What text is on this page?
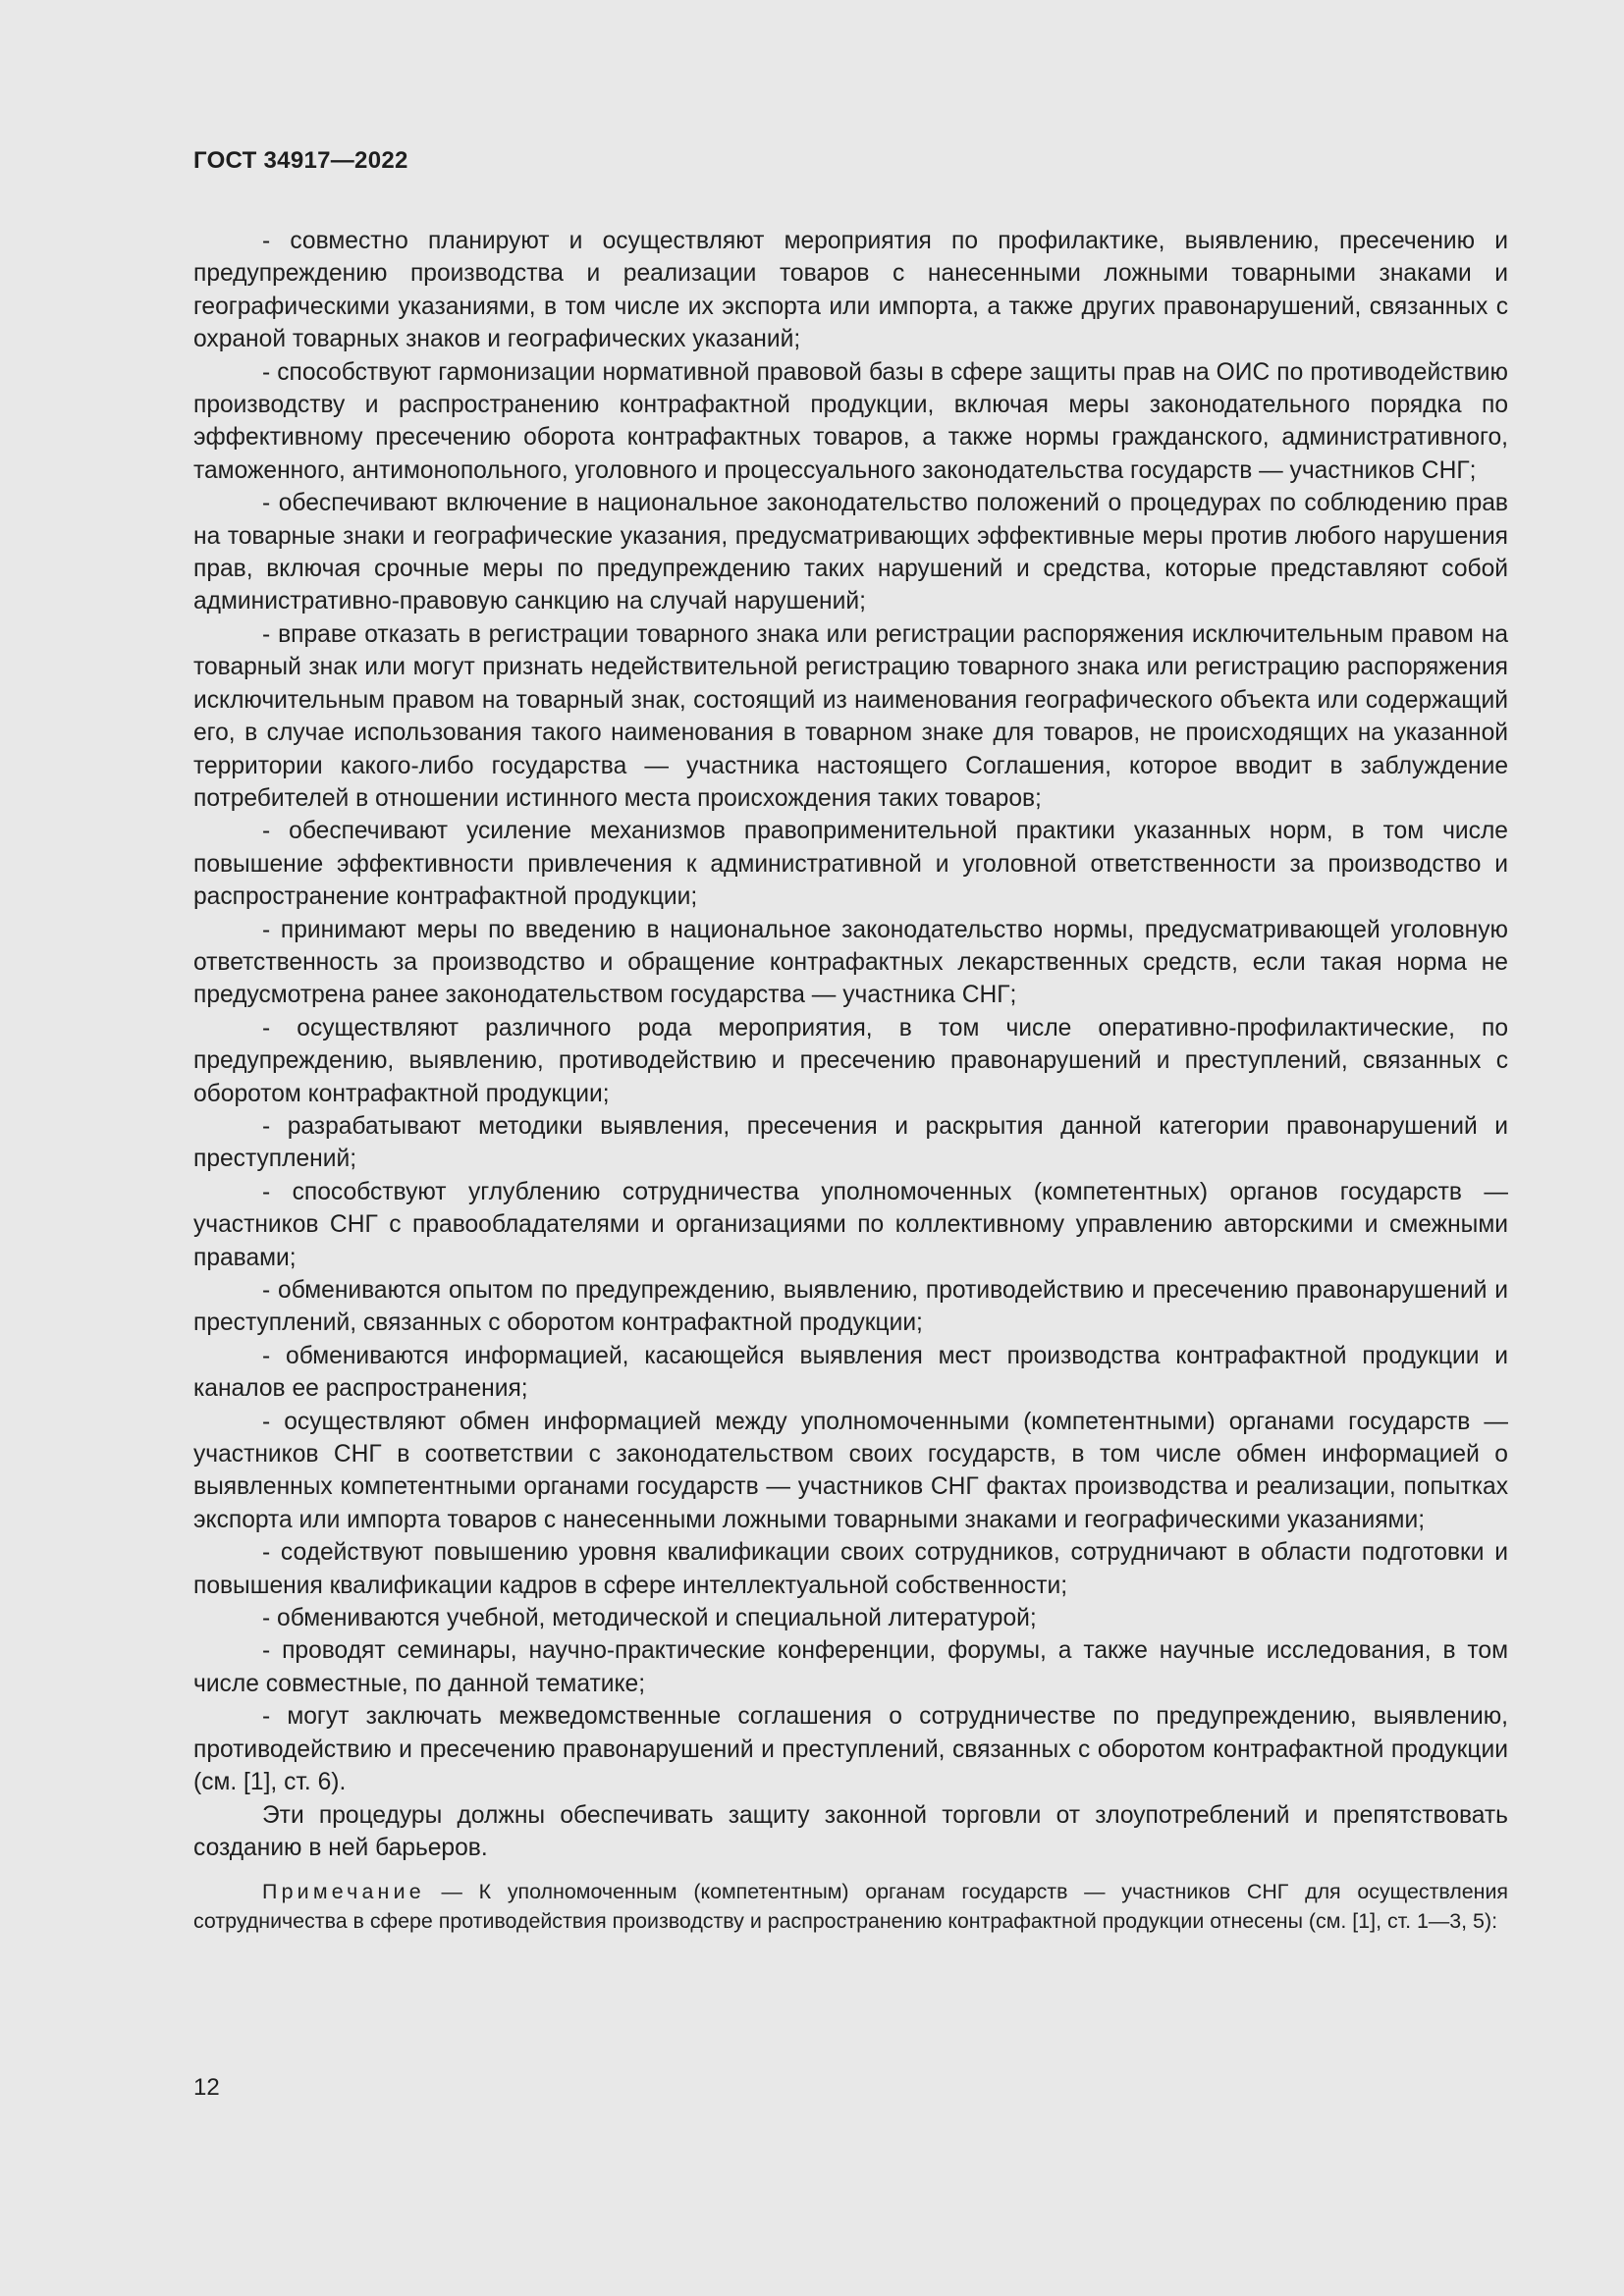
ГОСТ 34917—2022

- совместно планируют и осуществляют мероприятия по профилактике, выявлению, пресечению и предупреждению производства и реализации товаров с нанесенными ложными товарными знаками и географическими указаниями, в том числе их экспорта или импорта, а также других правонарушений, связанных с охраной товарных знаков и географических указаний;

- способствуют гармонизации нормативной правовой базы в сфере защиты прав на ОИС по противодействию производству и распространению контрафактной продукции, включая меры законодательного порядка по эффективному пресечению оборота контрафактных товаров, а также нормы гражданского, административного, таможенного, антимонопольного, уголовного и процессуального законодательства государств — участников СНГ;

- обеспечивают включение в национальное законодательство положений о процедурах по соблюдению прав на товарные знаки и географические указания, предусматривающих эффективные меры против любого нарушения прав, включая срочные меры по предупреждению таких нарушений и средства, которые представляют собой административно-правовую санкцию на случай нарушений;

- вправе отказать в регистрации товарного знака или регистрации распоряжения исключительным правом на товарный знак или могут признать недействительной регистрацию товарного знака или регистрацию распоряжения исключительным правом на товарный знак, состоящий из наименования географического объекта или содержащий его, в случае использования такого наименования в товарном знаке для товаров, не происходящих на указанной территории какого-либо государства — участника настоящего Соглашения, которое вводит в заблуждение потребителей в отношении истинного места происхождения таких товаров;

- обеспечивают усиление механизмов правоприменительной практики указанных норм, в том числе повышение эффективности привлечения к административной и уголовной ответственности за производство и распространение контрафактной продукции;

- принимают меры по введению в национальное законодательство нормы, предусматривающей уголовную ответственность за производство и обращение контрафактных лекарственных средств, если такая норма не предусмотрена ранее законодательством государства — участника СНГ;

- осуществляют различного рода мероприятия, в том числе оперативно-профилактические, по предупреждению, выявлению, противодействию и пресечению правонарушений и преступлений, связанных с оборотом контрафактной продукции;

- разрабатывают методики выявления, пресечения и раскрытия данной категории правонарушений и преступлений;

- способствуют углублению сотрудничества уполномоченных (компетентных) органов государств — участников СНГ с правообладателями и организациями по коллективному управлению авторскими и смежными правами;

- обмениваются опытом по предупреждению, выявлению, противодействию и пресечению правонарушений и преступлений, связанных с оборотом контрафактной продукции;

- обмениваются информацией, касающейся выявления мест производства контрафактной продукции и каналов ее распространения;

- осуществляют обмен информацией между уполномоченными (компетентными) органами государств — участников СНГ в соответствии с законодательством своих государств, в том числе обмен информацией о выявленных компетентными органами государств — участников СНГ фактах производства и реализации, попытках экспорта или импорта товаров с нанесенными ложными товарными знаками и географическими указаниями;

- содействуют повышению уровня квалификации своих сотрудников, сотрудничают в области подготовки и повышения квалификации кадров в сфере интеллектуальной собственности;

- обмениваются учебной, методической и специальной литературой;

- проводят семинары, научно-практические конференции, форумы, а также научные исследования, в том числе совместные, по данной тематике;

- могут заключать межведомственные соглашения о сотрудничестве по предупреждению, выявлению, противодействию и пресечению правонарушений и преступлений, связанных с оборотом контрафактной продукции (см. [1], ст. 6).

Эти процедуры должны обеспечивать защиту законной торговли от злоупотреблений и препятствовать созданию в ней барьеров.

Примечание — К уполномоченным (компетентным) органам государств — участников СНГ для осуществления сотрудничества в сфере противодействия производству и распространению контрафактной продукции отнесены (см. [1], ст. 1—3, 5):

12
